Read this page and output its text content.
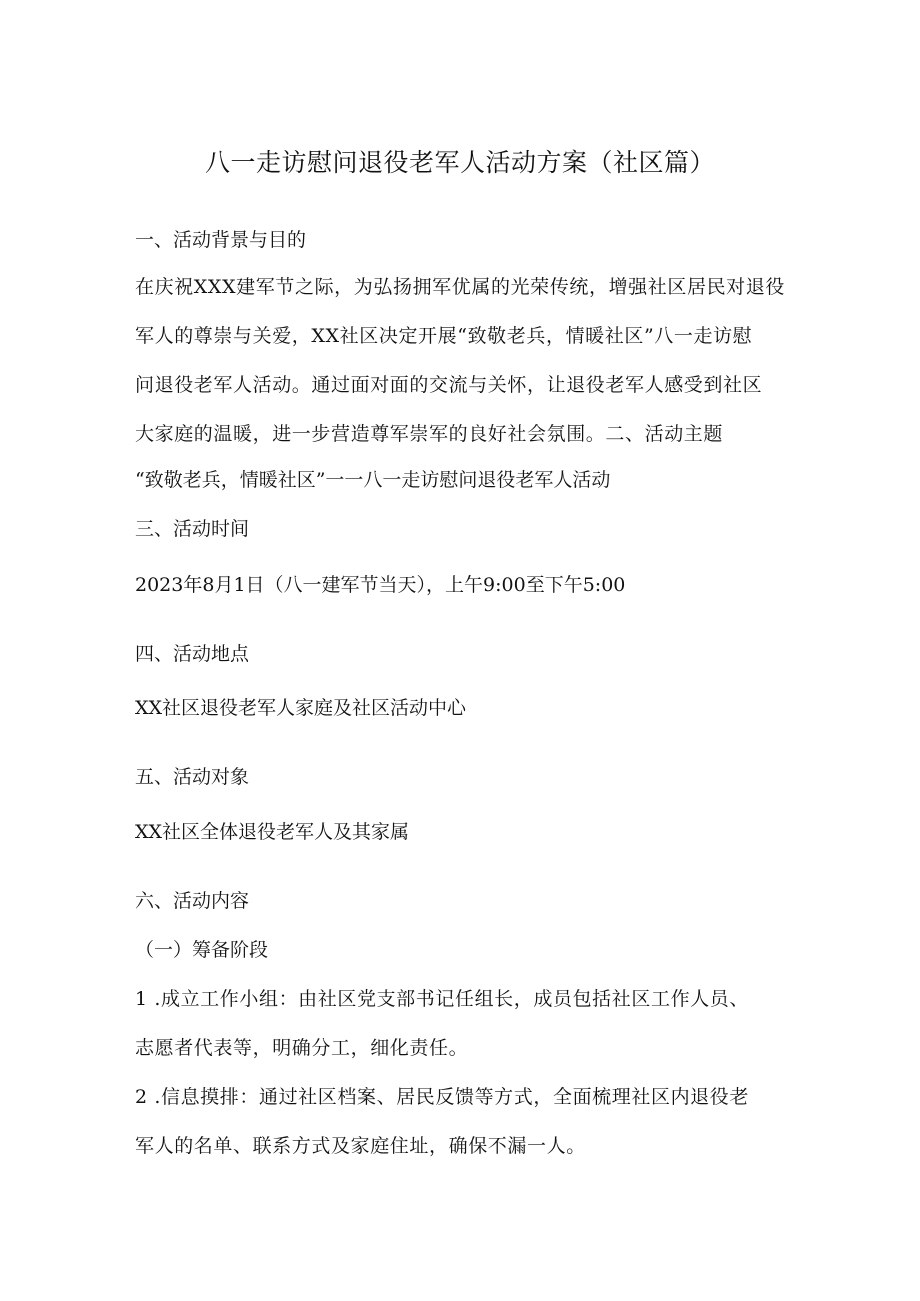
八一走访慰问退役老军人活动方案（社区篇）
一、活动背景与目的
在庆祝XXX建军节之际，为弘扬拥军优属的光荣传统，增强社区居民对退役
军人的尊崇与关爱，XX社区决定开展“致敬老兵，情暖社区”八一走访慰
问退役老军人活动。通过面对面的交流与关怀，让退役老军人感受到社区
大家庭的温暖，进一步营造尊军崇军的良好社会氛围。二、活动主题
“致敬老兵，情暖社区”一一八一走访慰问退役老军人活动
三、活动时间
2023年8月1日（八一建军节当天），上午9:00至下午5:00
四、活动地点
XX社区退役老军人家庭及社区活动中心
五、活动对象
XX社区全体退役老军人及其家属
六、活动内容
（一）筹备阶段
1 .成立工作小组：由社区党支部书记任组长，成员包括社区工作人员、
志愿者代表等，明确分工，细化责任。
2 .信息摸排：通过社区档案、居民反馈等方式，全面梳理社区内退役老
军人的名单、联系方式及家庭住址，确保不漏一人。
